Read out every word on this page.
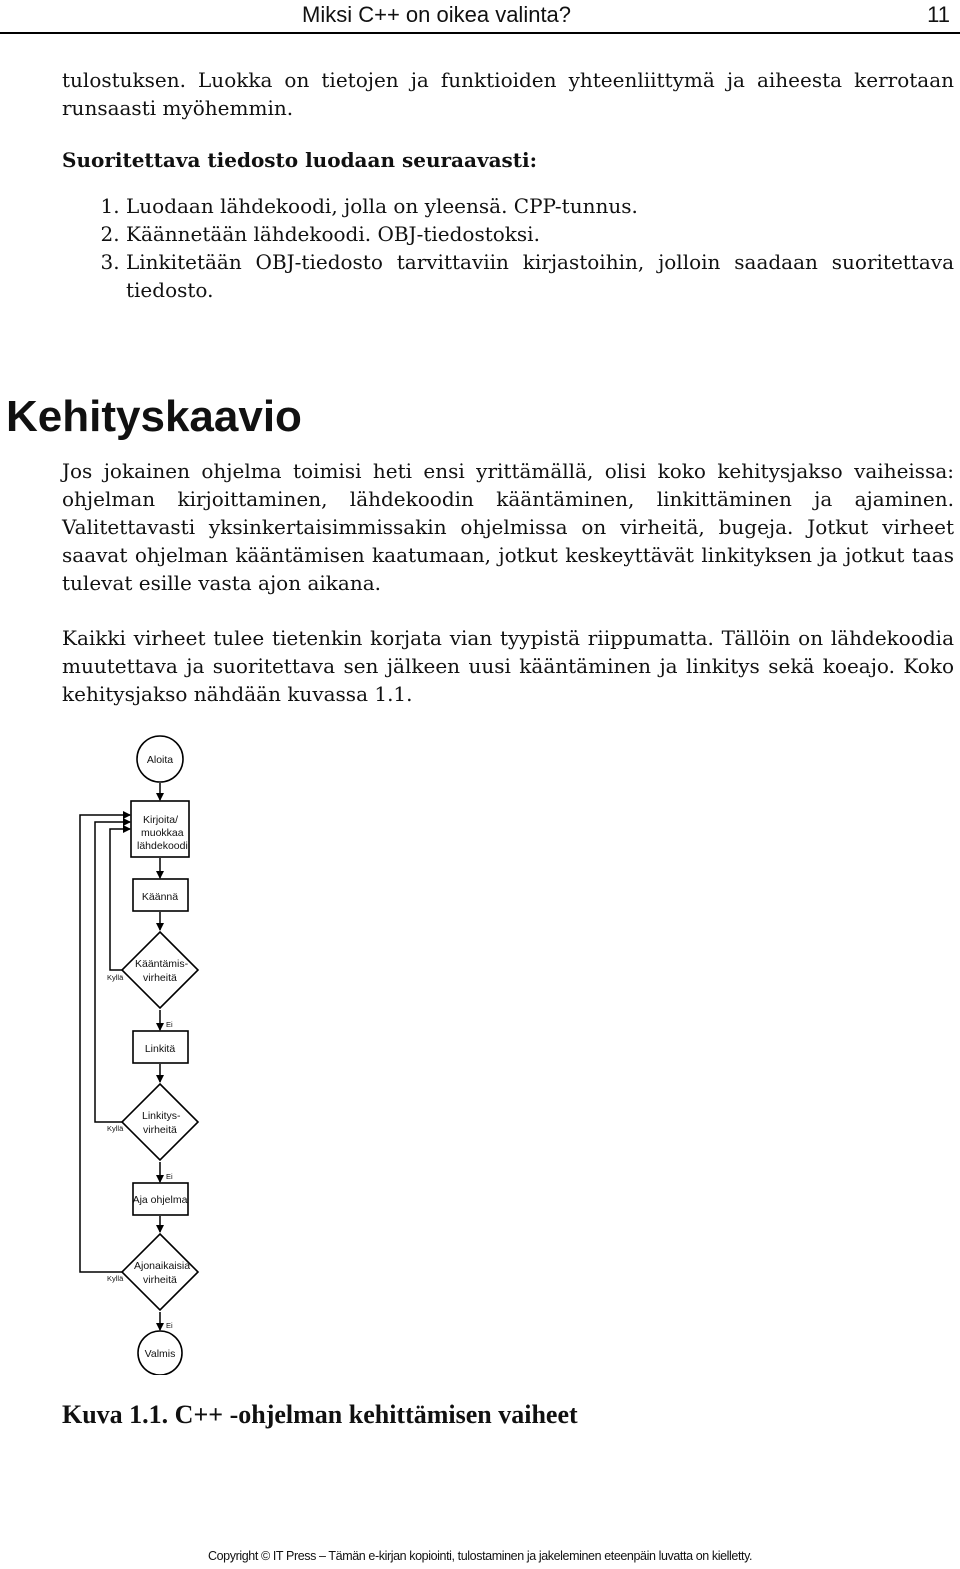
Miksi C++ on oikea valinta?	11

tulostuksen. Luokka on tietojen ja funktioiden yhteenliittymä ja aiheesta kerrotaan runsaasti myöhemmin.

Suoritettava tiedosto luodaan seuraavasti:

1. Luodaan lähdekoodi, jolla on yleensä. CPP-tunnus.
2. Käännetään lähdekoodi. OBJ-tiedostoksi.
3. Linkitetään OBJ-tiedosto tarvittaviin kirjastoihin, jolloin saadaan suoritettava tiedosto.
Kehityskaavio

Jos jokainen ohjelma toimisi heti ensi yrittämällä, olisi koko kehitysjakso vaiheissa: ohjelman kirjoittaminen, lähdekoodin kääntäminen, linkittäminen ja ajaminen. Valitettavasti yksinkertaisimmissakin ohjelmissa on virheitä, bugeja. Jotkut virheet saavat ohjelman kääntämisen kaatumaan, jotkut keskeyttävät linkityksen ja jotkut taas tulevat esille vasta ajon aikana.

Kaikki virheet tulee tietenkin korjata vian tyypistä riippumatta. Tällöin on lähdekoodia muutettava ja suoritettava sen jälkeen uusi kääntäminen ja linkitys sekä koeajo. Koko kehitysjakso nähdään kuvassa 1.1.

Aloita
Kirjoita/
muokkaa
lähdekoodi
Käännä
Kääntämis-
virheitä
Linkitä
Linkitys-
virheitä
Aja ohjelma
Ajonaikaisia
virheitä
Valmis
Kyllä
Kyllä
Kyllä
Ei
Ei
Ei
Kuva 1.1. C++ -ohjelman kehittämisen vaiheet
Copyright © IT Press – Tämän e-kirjan kopiointi, tulostaminen ja jakeleminen eteenpäin luvatta on kielletty.
